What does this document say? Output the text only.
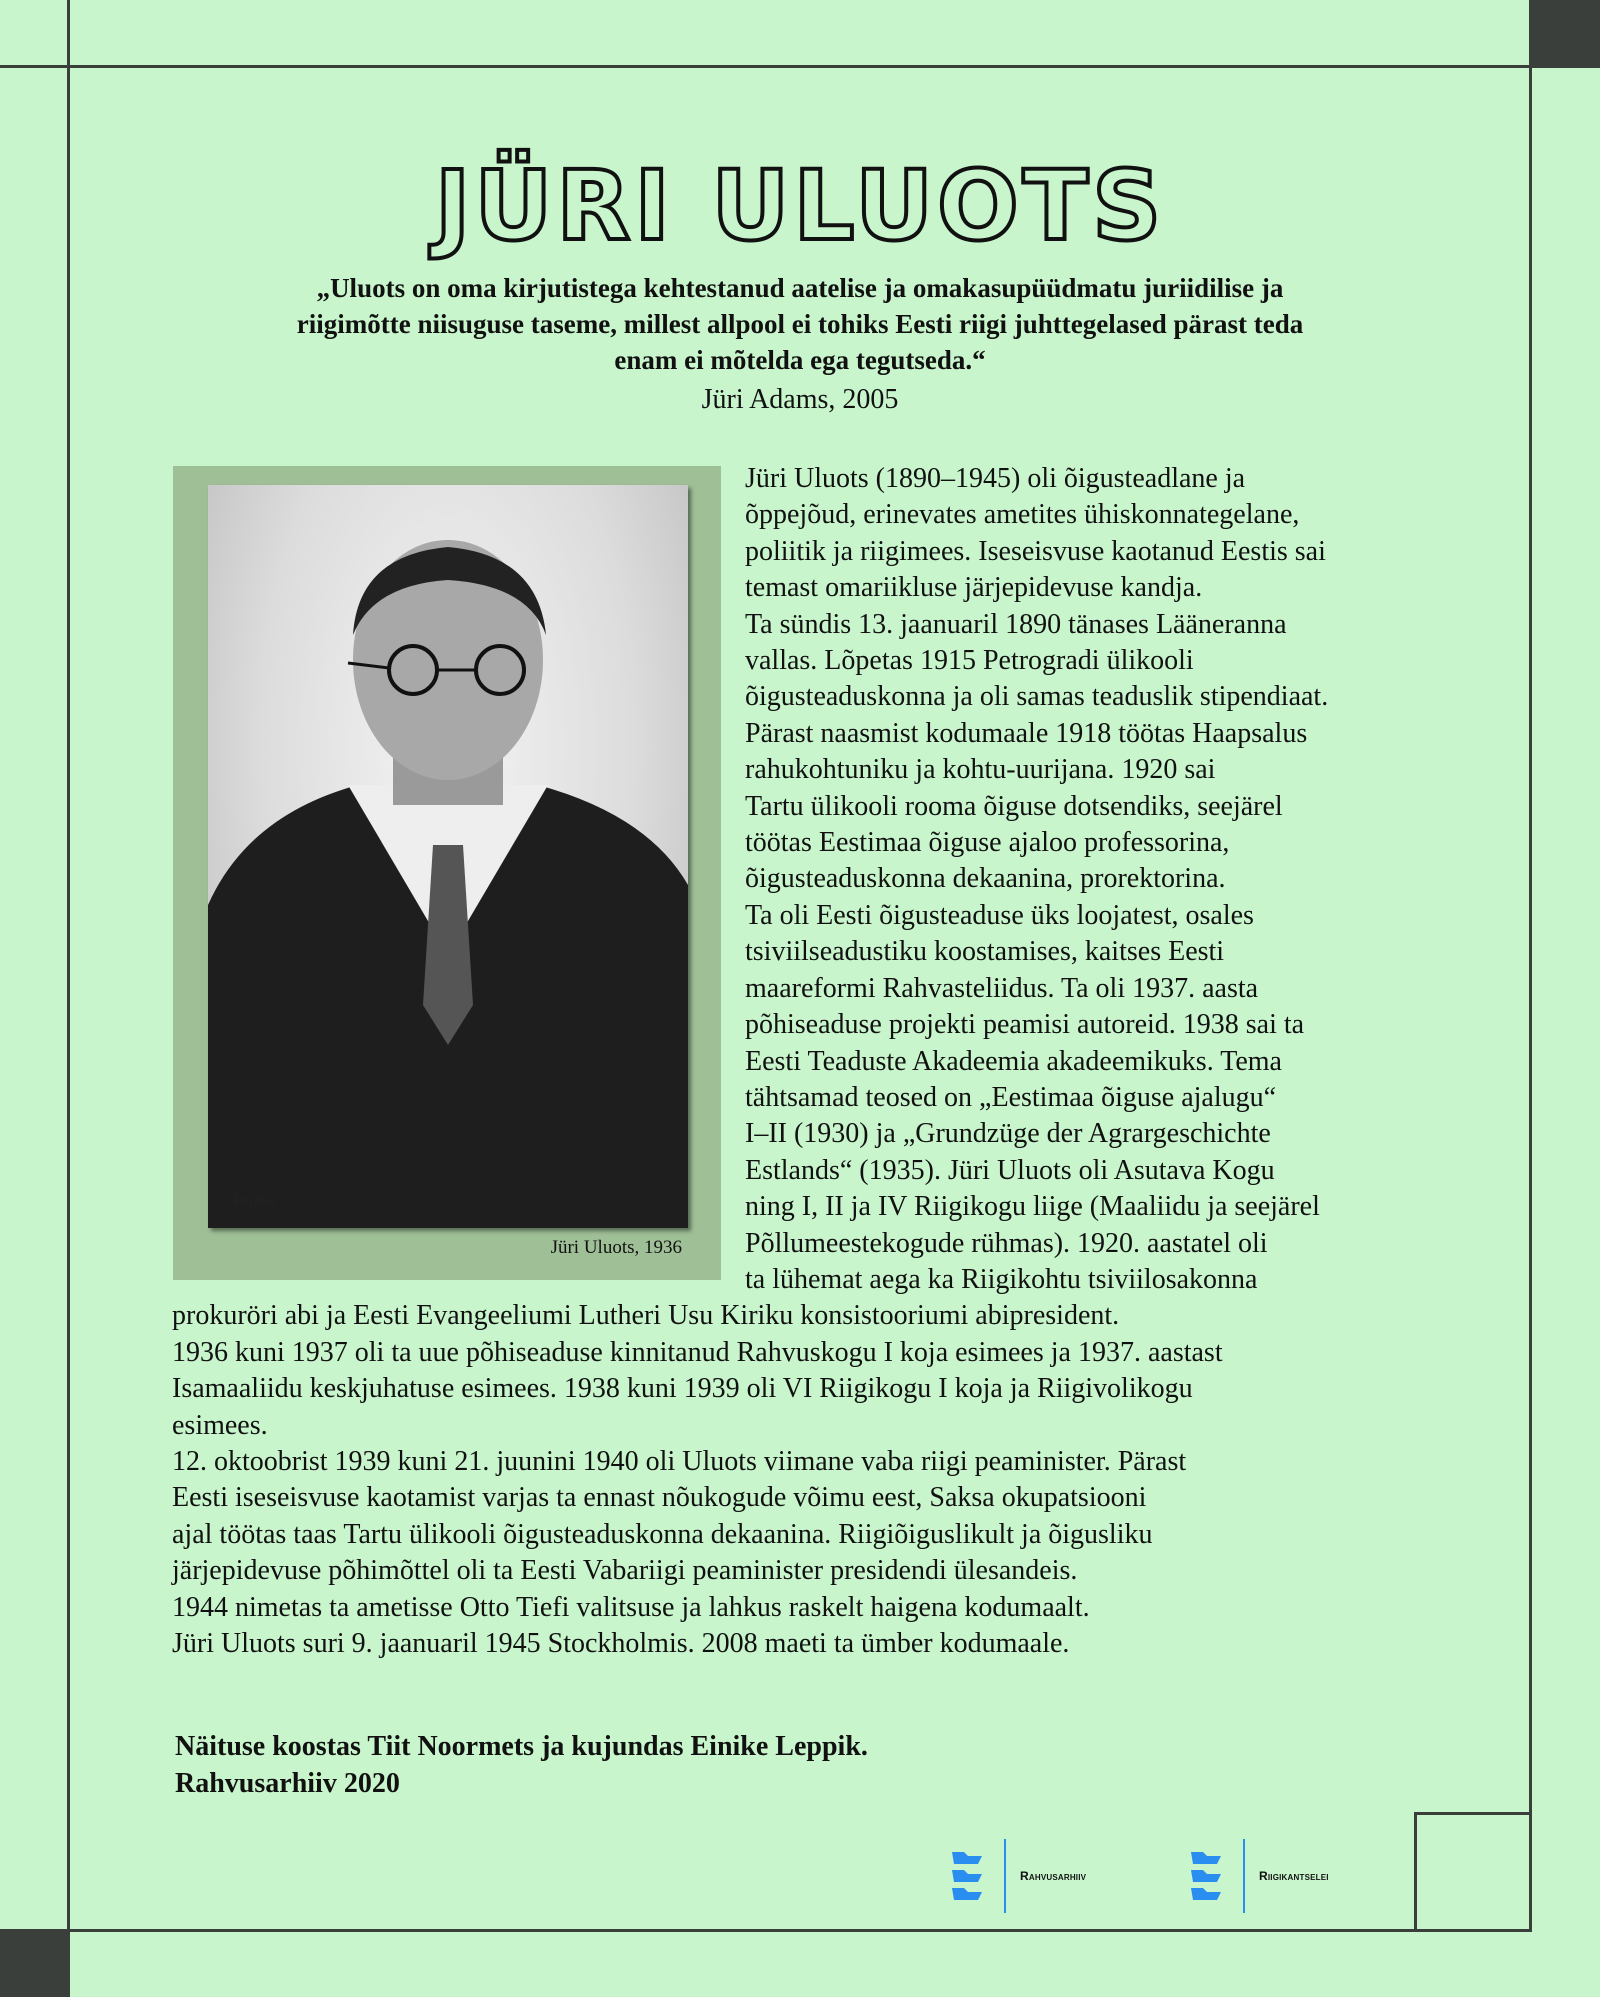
JÜRI ULUOTS
„Uluots on oma kirjutistega kehtestanud aatelise ja omakasupüüdmatu juriidilise ja
riigimõtte niisuguse taseme, millest allpool ei tohiks Eesti riigi juhttegelased pärast teda
enam ei mõtelda ega tegutseda.“
Jüri Adams, 2005
Parikas
Jüri Uluots, 1936
Jüri Uluots (1890–1945) oli õigusteadlane ja
õppejõud, erinevates ametites ühiskonnategelane,
poliitik ja riigimees. Iseseisvuse kaotanud Eestis sai
temast omariikluse järjepidevuse kandja.
Ta sündis 13. jaanuaril 1890 tänases Lääneranna
vallas. Lõpetas 1915 Petrogradi ülikooli
õigusteaduskonna ja oli samas teaduslik stipendiaat.
Pärast naasmist kodumaale 1918 töötas Haapsalus
rahukohtuniku ja kohtu-uurijana. 1920 sai
Tartu ülikooli rooma õiguse dotsendiks, seejärel
töötas Eestimaa õiguse ajaloo professorina,
õigusteaduskonna dekaanina, prorektorina.
Ta oli Eesti õigusteaduse üks loojatest, osales
tsiviilseadustiku koostamises, kaitses Eesti
maareformi Rahvasteliidus. Ta oli 1937. aasta
põhiseaduse projekti peamisi autoreid. 1938 sai ta
Eesti Teaduste Akadeemia akadeemikuks. Tema
tähtsamad teosed on „Eestimaa õiguse ajalugu“
I–II (1930) ja „Grundzüge der Agrargeschichte
Estlands“ (1935). Jüri Uluots oli Asutava Kogu
ning I, II ja IV Riigikogu liige (Maaliidu ja seejärel
Põllumeestekogude rühmas). 1920. aastatel oli
ta lühemat aega ka Riigikohtu tsiviilosakonna
prokuröri abi ja Eesti Evangeeliumi Lutheri Usu Kiriku konsistooriumi abipresident.
1936 kuni 1937 oli ta uue põhiseaduse kinnitanud Rahvuskogu I koja esimees ja 1937. aastast
Isamaaliidu keskjuhatuse esimees. 1938 kuni 1939 oli VI Riigikogu I koja ja Riigivolikogu
esimees.
12. oktoobrist 1939 kuni 21. juunini 1940 oli Uluots viimane vaba riigi peaminister. Pärast
Eesti iseseisvuse kaotamist varjas ta ennast nõukogude võimu eest, Saksa okupatsiooni
ajal töötas taas Tartu ülikooli õigusteaduskonna dekaanina. Riigiõiguslikult ja õigusliku
järjepidevuse põhimõttel oli ta Eesti Vabariigi peaminister presidendi ülesandeis.
1944 nimetas ta ametisse Otto Tiefi valitsuse ja lahkus raskelt haigena kodumaalt.
Jüri Uluots suri 9. jaanuaril 1945 Stockholmis. 2008 maeti ta ümber kodumaale.
Näituse koostas Tiit Noormets ja kujundas Einike Leppik.
Rahvusarhiiv 2020
Rahvusarhiiv	Riigikantselei
